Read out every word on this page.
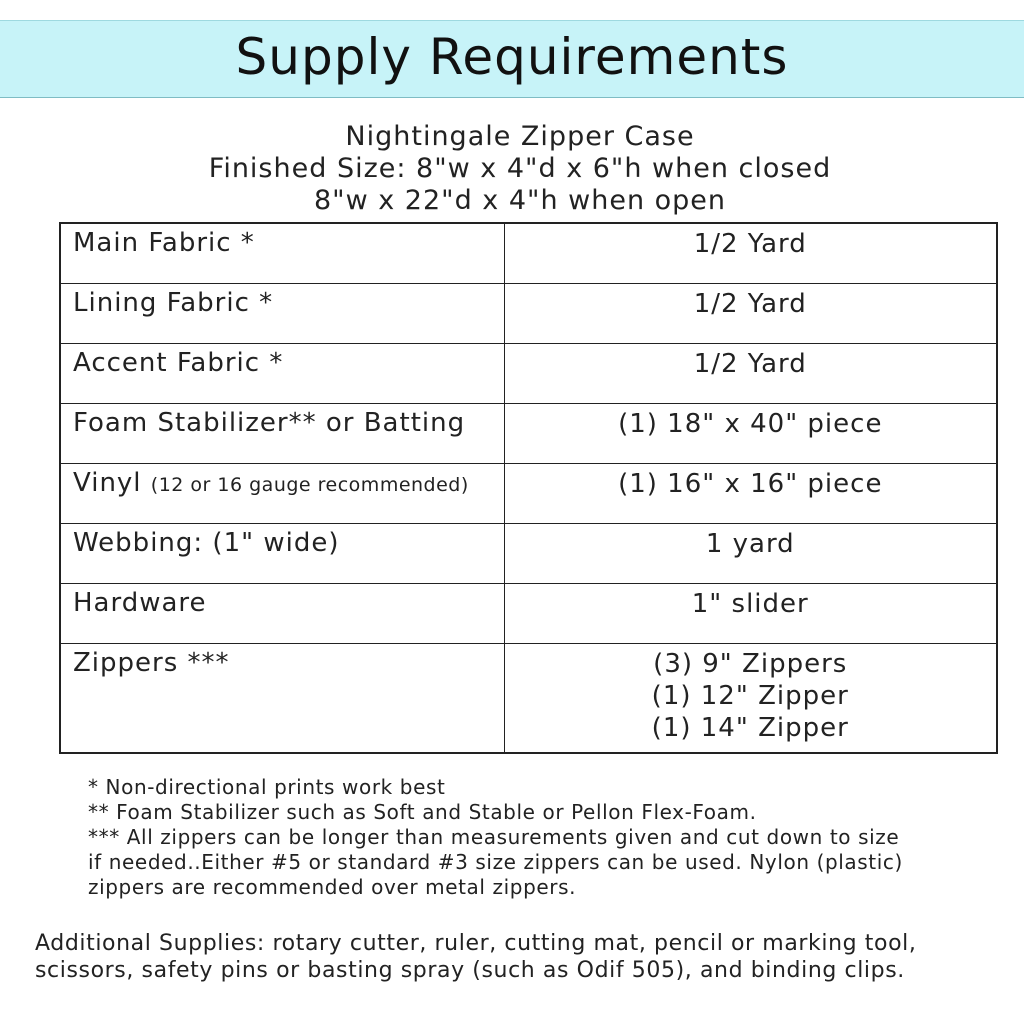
Supply Requirements
Nightingale Zipper Case
Finished Size: 8"w x 4"d x 6"h when closed
8"w x 22"d x 4"h when open
Main Fabric *	1/2 Yard

Lining Fabric *	1/2 Yard

Accent Fabric *	1/2 Yard

Foam Stabilizer** or Batting	(1) 18" x 40" piece

Vinyl (12 or 16 gauge recommended)	(1) 16" x 16" piece

Webbing: (1" wide)	1 yard

Hardware	1" slider

Zippers ***	(3) 9" Zippers
(1) 12" Zipper
(1) 14" Zipper
* Non-directional prints work best
** Foam Stabilizer such as Soft and Stable or Pellon Flex-Foam.
*** All zippers can be longer than measurements given and cut down to size
if needed..Either #5 or standard #3 size zippers can be used. Nylon (plastic)
zippers are recommended over metal zippers.
Additional Supplies: rotary cutter, ruler, cutting mat, pencil or marking tool,
scissors, safety pins or basting spray (such as Odif 505), and binding clips.
